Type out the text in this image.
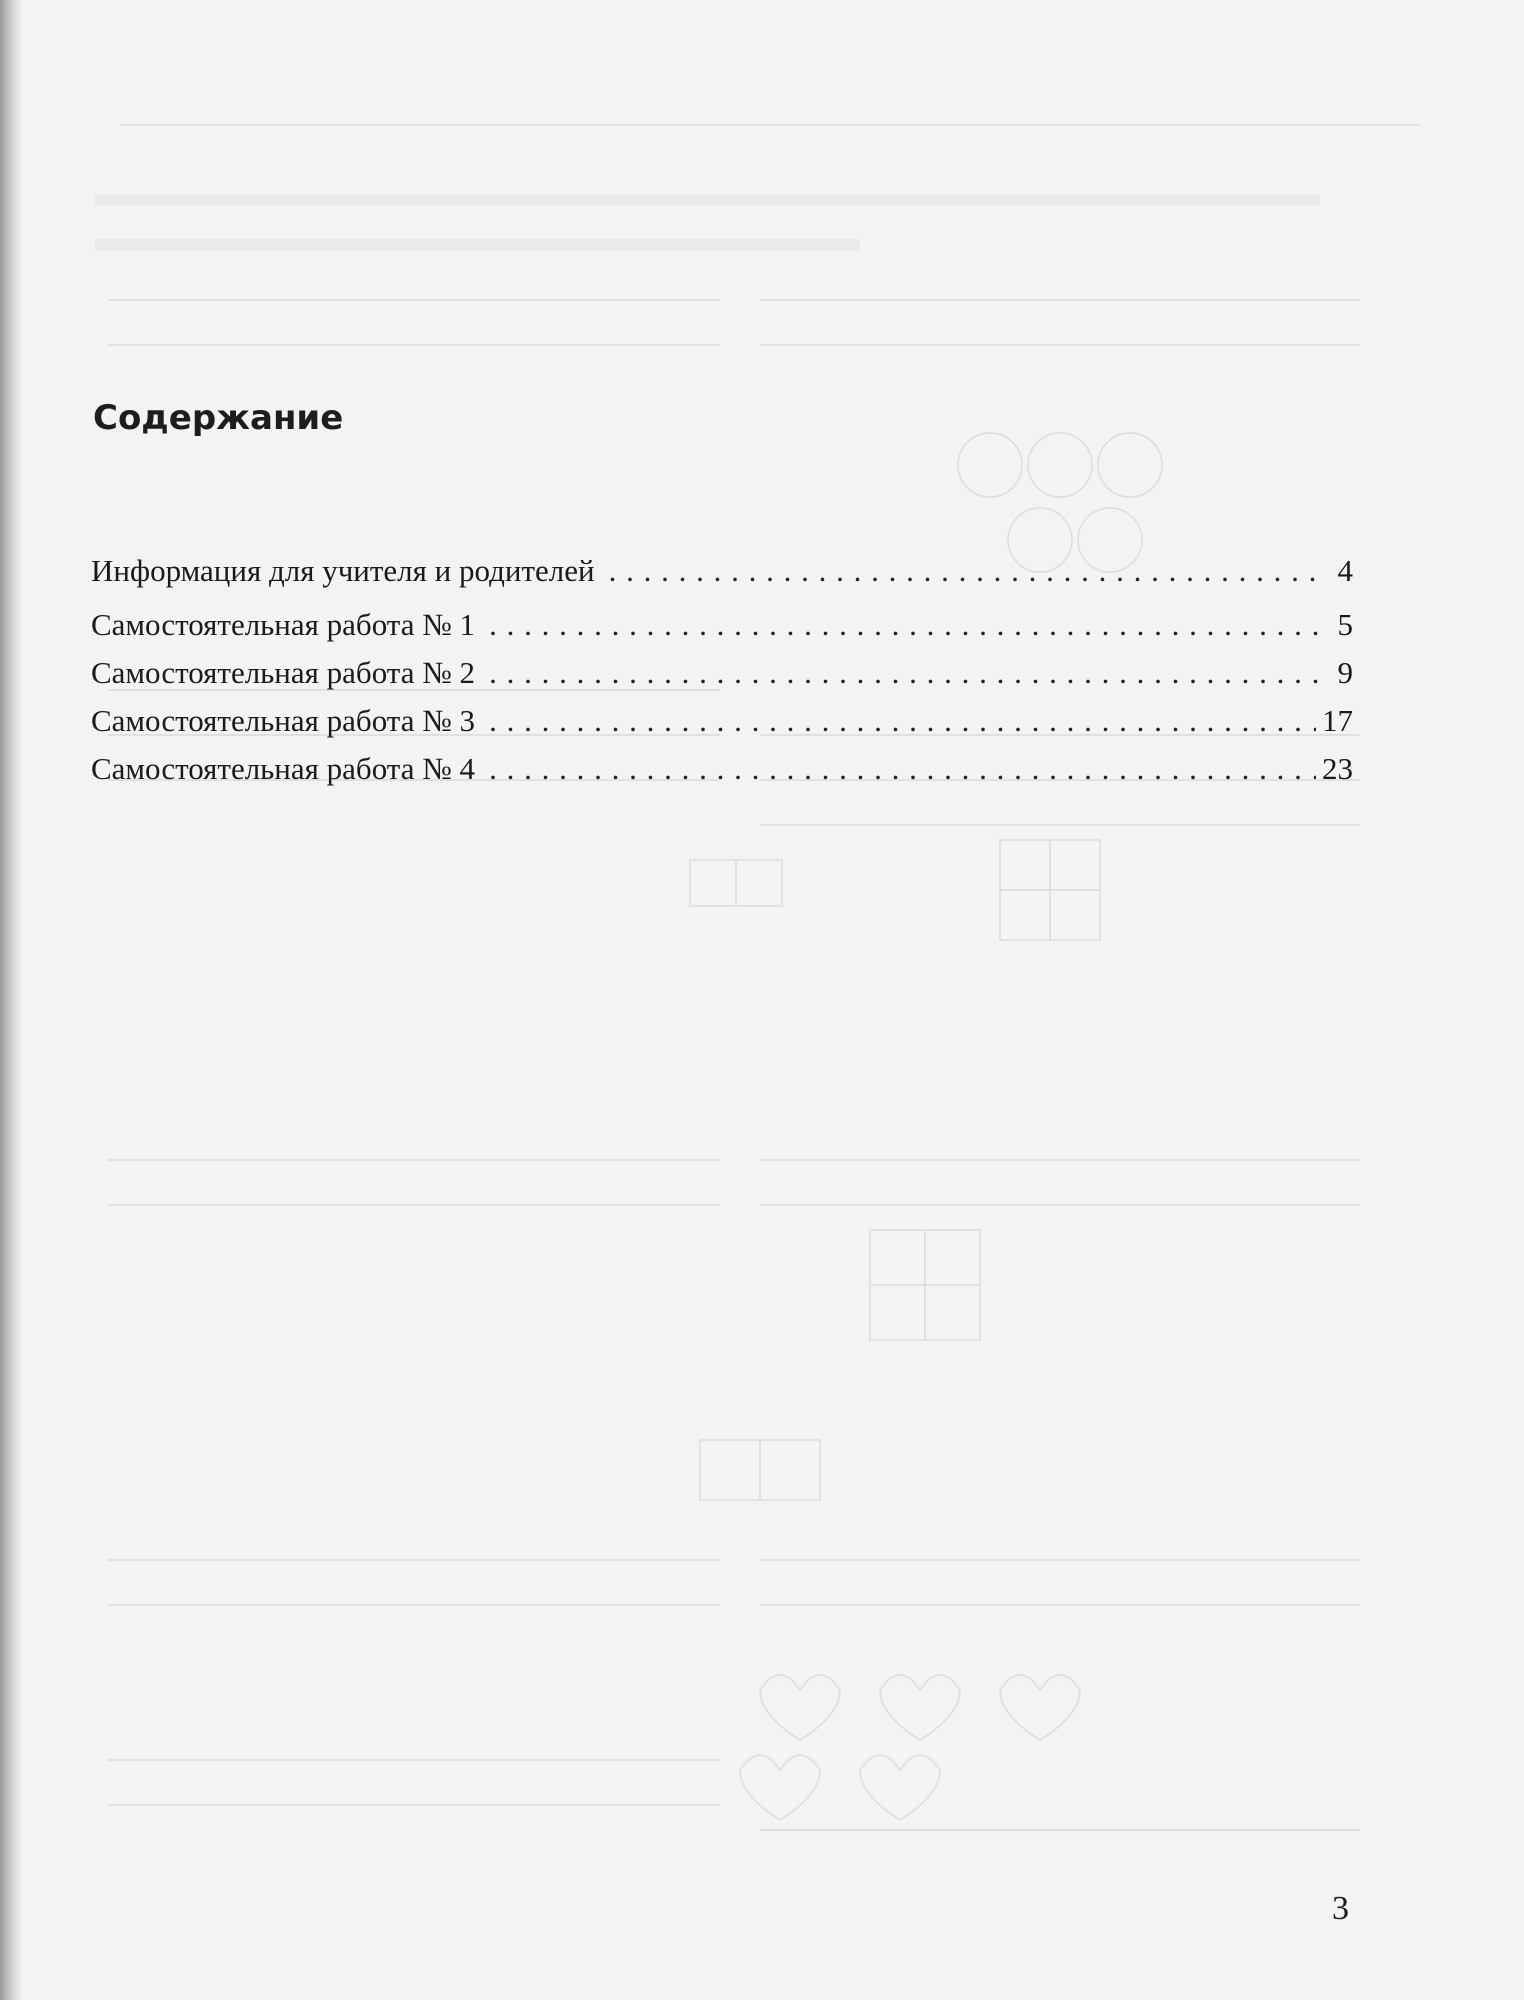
Содержание
Информация для учителя и родителей . . .	4
Самостоятельная работа № 1 . . .	5
Самостоятельная работа № 2 . . .	9
Самостоятельная работа № 3 . . .	17
Самостоятельная работа № 4 . . .	23
3
